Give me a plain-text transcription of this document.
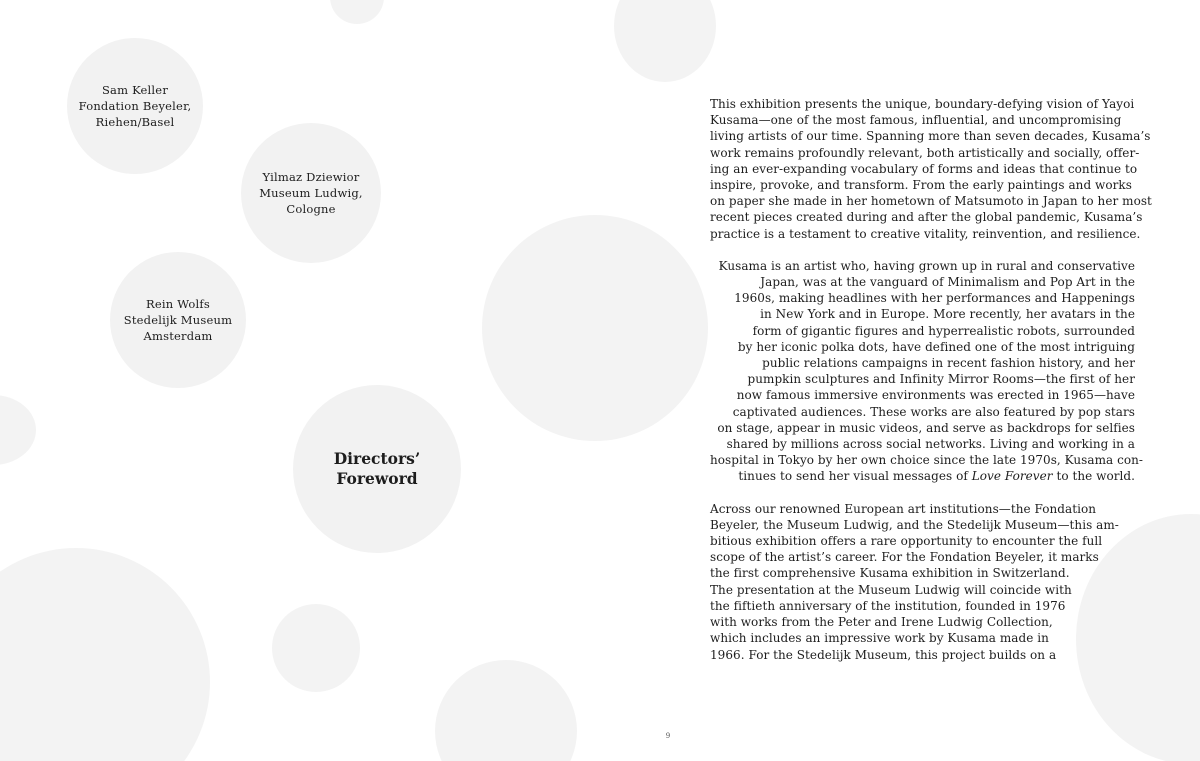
Sam Keller
Fondation Beyeler,
Riehen/Basel
Yilmaz Dziewior
Museum Ludwig,
Cologne
Rein Wolfs
Stedelijk Museum
Amsterdam
Directors’
Foreword
This exhibition presents the unique, boundary-defying vision of Yayoi
Kusama—one of the most famous, influential, and uncompromising
living artists of our time. Spanning more than seven decades, Kusama’s
work remains profoundly relevant, both artistically and socially, offer-
ing an ever-expanding vocabulary of forms and ideas that continue to
inspire, provoke, and transform. From the early paintings and works
on paper she made in her hometown of Matsumoto in Japan to her most
recent pieces created during and after the global pandemic, Kusama’s
practice is a testament to creative vitality, reinvention, and resilience.
Kusama is an artist who, having grown up in rural and conservative
Japan, was at the vanguard of Minimalism and Pop Art in the
1960s, making headlines with her performances and Happenings
in New York and in Europe. More recently, her avatars in the
form of gigantic figures and hyperrealistic robots, surrounded
by her iconic polka dots, have defined one of the most intriguing
public relations campaigns in recent fashion history, and her
pumpkin sculptures and Infinity Mirror Rooms—the first of her
now famous immersive environments was erected in 1965—have
captivated audiences. These works are also featured by pop stars
on stage, appear in music videos, and serve as backdrops for selfies
shared by millions across social networks. Living and working in a
hospital in Tokyo by her own choice since the late 1970s, Kusama con-
tinues to send her visual messages of Love Forever to the world.
Across our renowned European art institutions—the Fondation
Beyeler, the Museum Ludwig, and the Stedelijk Museum—this am-
bitious exhibition offers a rare opportunity to encounter the full
scope of the artist’s career. For the Fondation Beyeler, it marks
the first comprehensive Kusama exhibition in Switzerland.
The presentation at the Museum Ludwig will coincide with
the fiftieth anniversary of the institution, founded in 1976
with works from the Peter and Irene Ludwig Collection,
which includes an impressive work by Kusama made in
1966. For the Stedelijk Museum, this project builds on a
9
